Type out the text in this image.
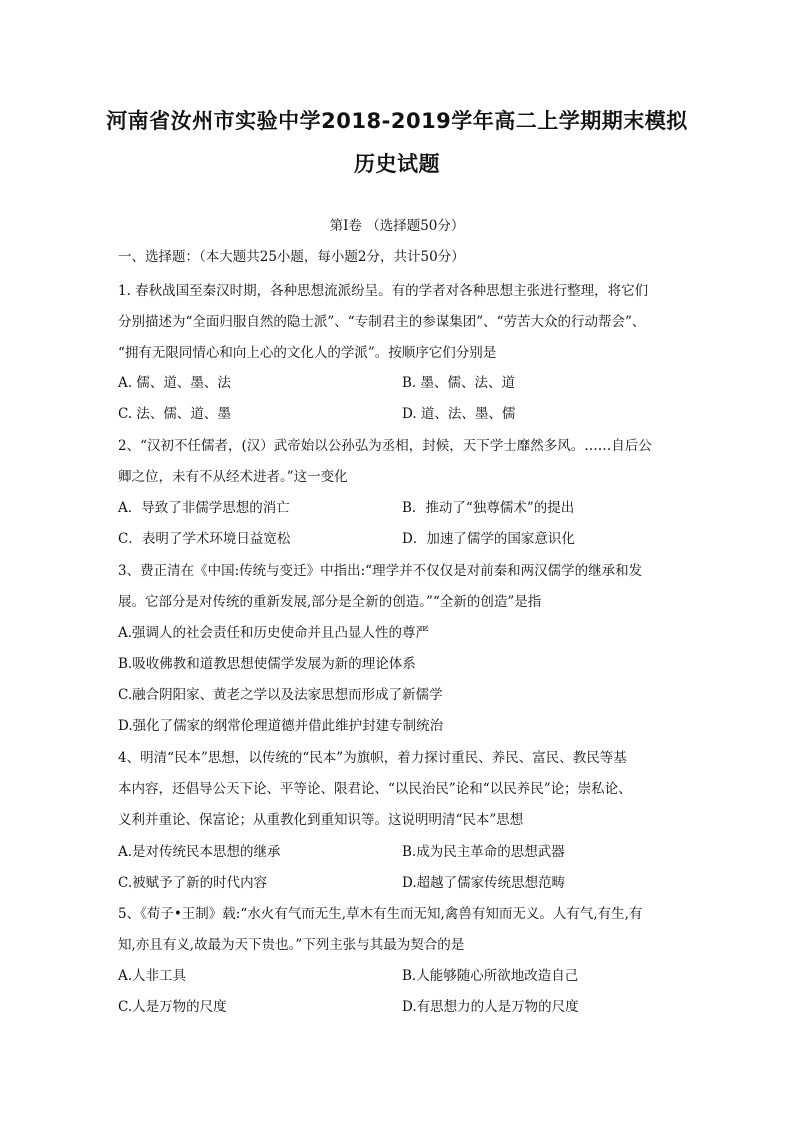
河南省汝州市实验中学2018-2019学年高二上学期期末模拟
历史试题
第Ⅰ卷 （选择题50分）
一、选择题：（本大题共25小题，每小题2分，共计50分）
1. 春秋战国至秦汉时期，各种思想流派纷呈。有的学者对各种思想主张进行整理，将它们
分别描述为“全面归服自然的隐士派”、“专制君主的参谋集团”、“劳苦大众的行动帮会”、
“拥有无限同情心和向上心的文化人的学派”。按顺序它们分别是
A. 儒、道、墨、法	B. 墨、儒、法、道
C. 法、儒、道、墨	D. 道、法、墨、儒
2、“汉初不任儒者，(汉）武帝始以公孙弘为丞相，封候，天下学士靡然多风。……自后公
卿之位，未有不从经术进者。”这一变化
A．导致了非儒学思想的消亡	B．推动了“独尊儒术”的提出
C．表明了学术环境日益宽松	D．加速了儒学的国家意识化
3、费正清在《中国:传统与变迁》中指出:“理学并不仅仅是对前秦和两汉儒学的继承和发
展。它部分是对传统的重新发展,部分是全新的创造。”“全新的创造”是指
A.强调人的社会责任和历史使命并且凸显人性的尊严
B.吸收佛教和道教思想使儒学发展为新的理论体系
C.融合阴阳家、黄老之学以及法家思想而形成了新儒学
D.强化了儒家的纲常伦理道德并借此维护封建专制统治
4、明清“民本”思想，以传统的“民本”为旗帜，着力探讨重民、养民、富民、教民等基
本内容，还倡导公天下论、平等论、限君论、“以民治民”论和“以民养民”论；崇私论、
义利并重论、保富论；从重教化到重知识等。这说明明清“民本”思想
A.是对传统民本思想的继承	B.成为民主革命的思想武器
C.被赋予了新的时代内容	D.超越了儒家传统思想范畴
5、《荀子•王制》载:“水火有气而无生,草木有生而无知,禽兽有知而无义。人有气,有生,有
知,亦且有义,故最为天下贵也。”下列主张与其最为契合的是
A.人非工具	B.人能够随心所欲地改造自己
C.人是万物的尺度	D.有思想力的人是万物的尺度
